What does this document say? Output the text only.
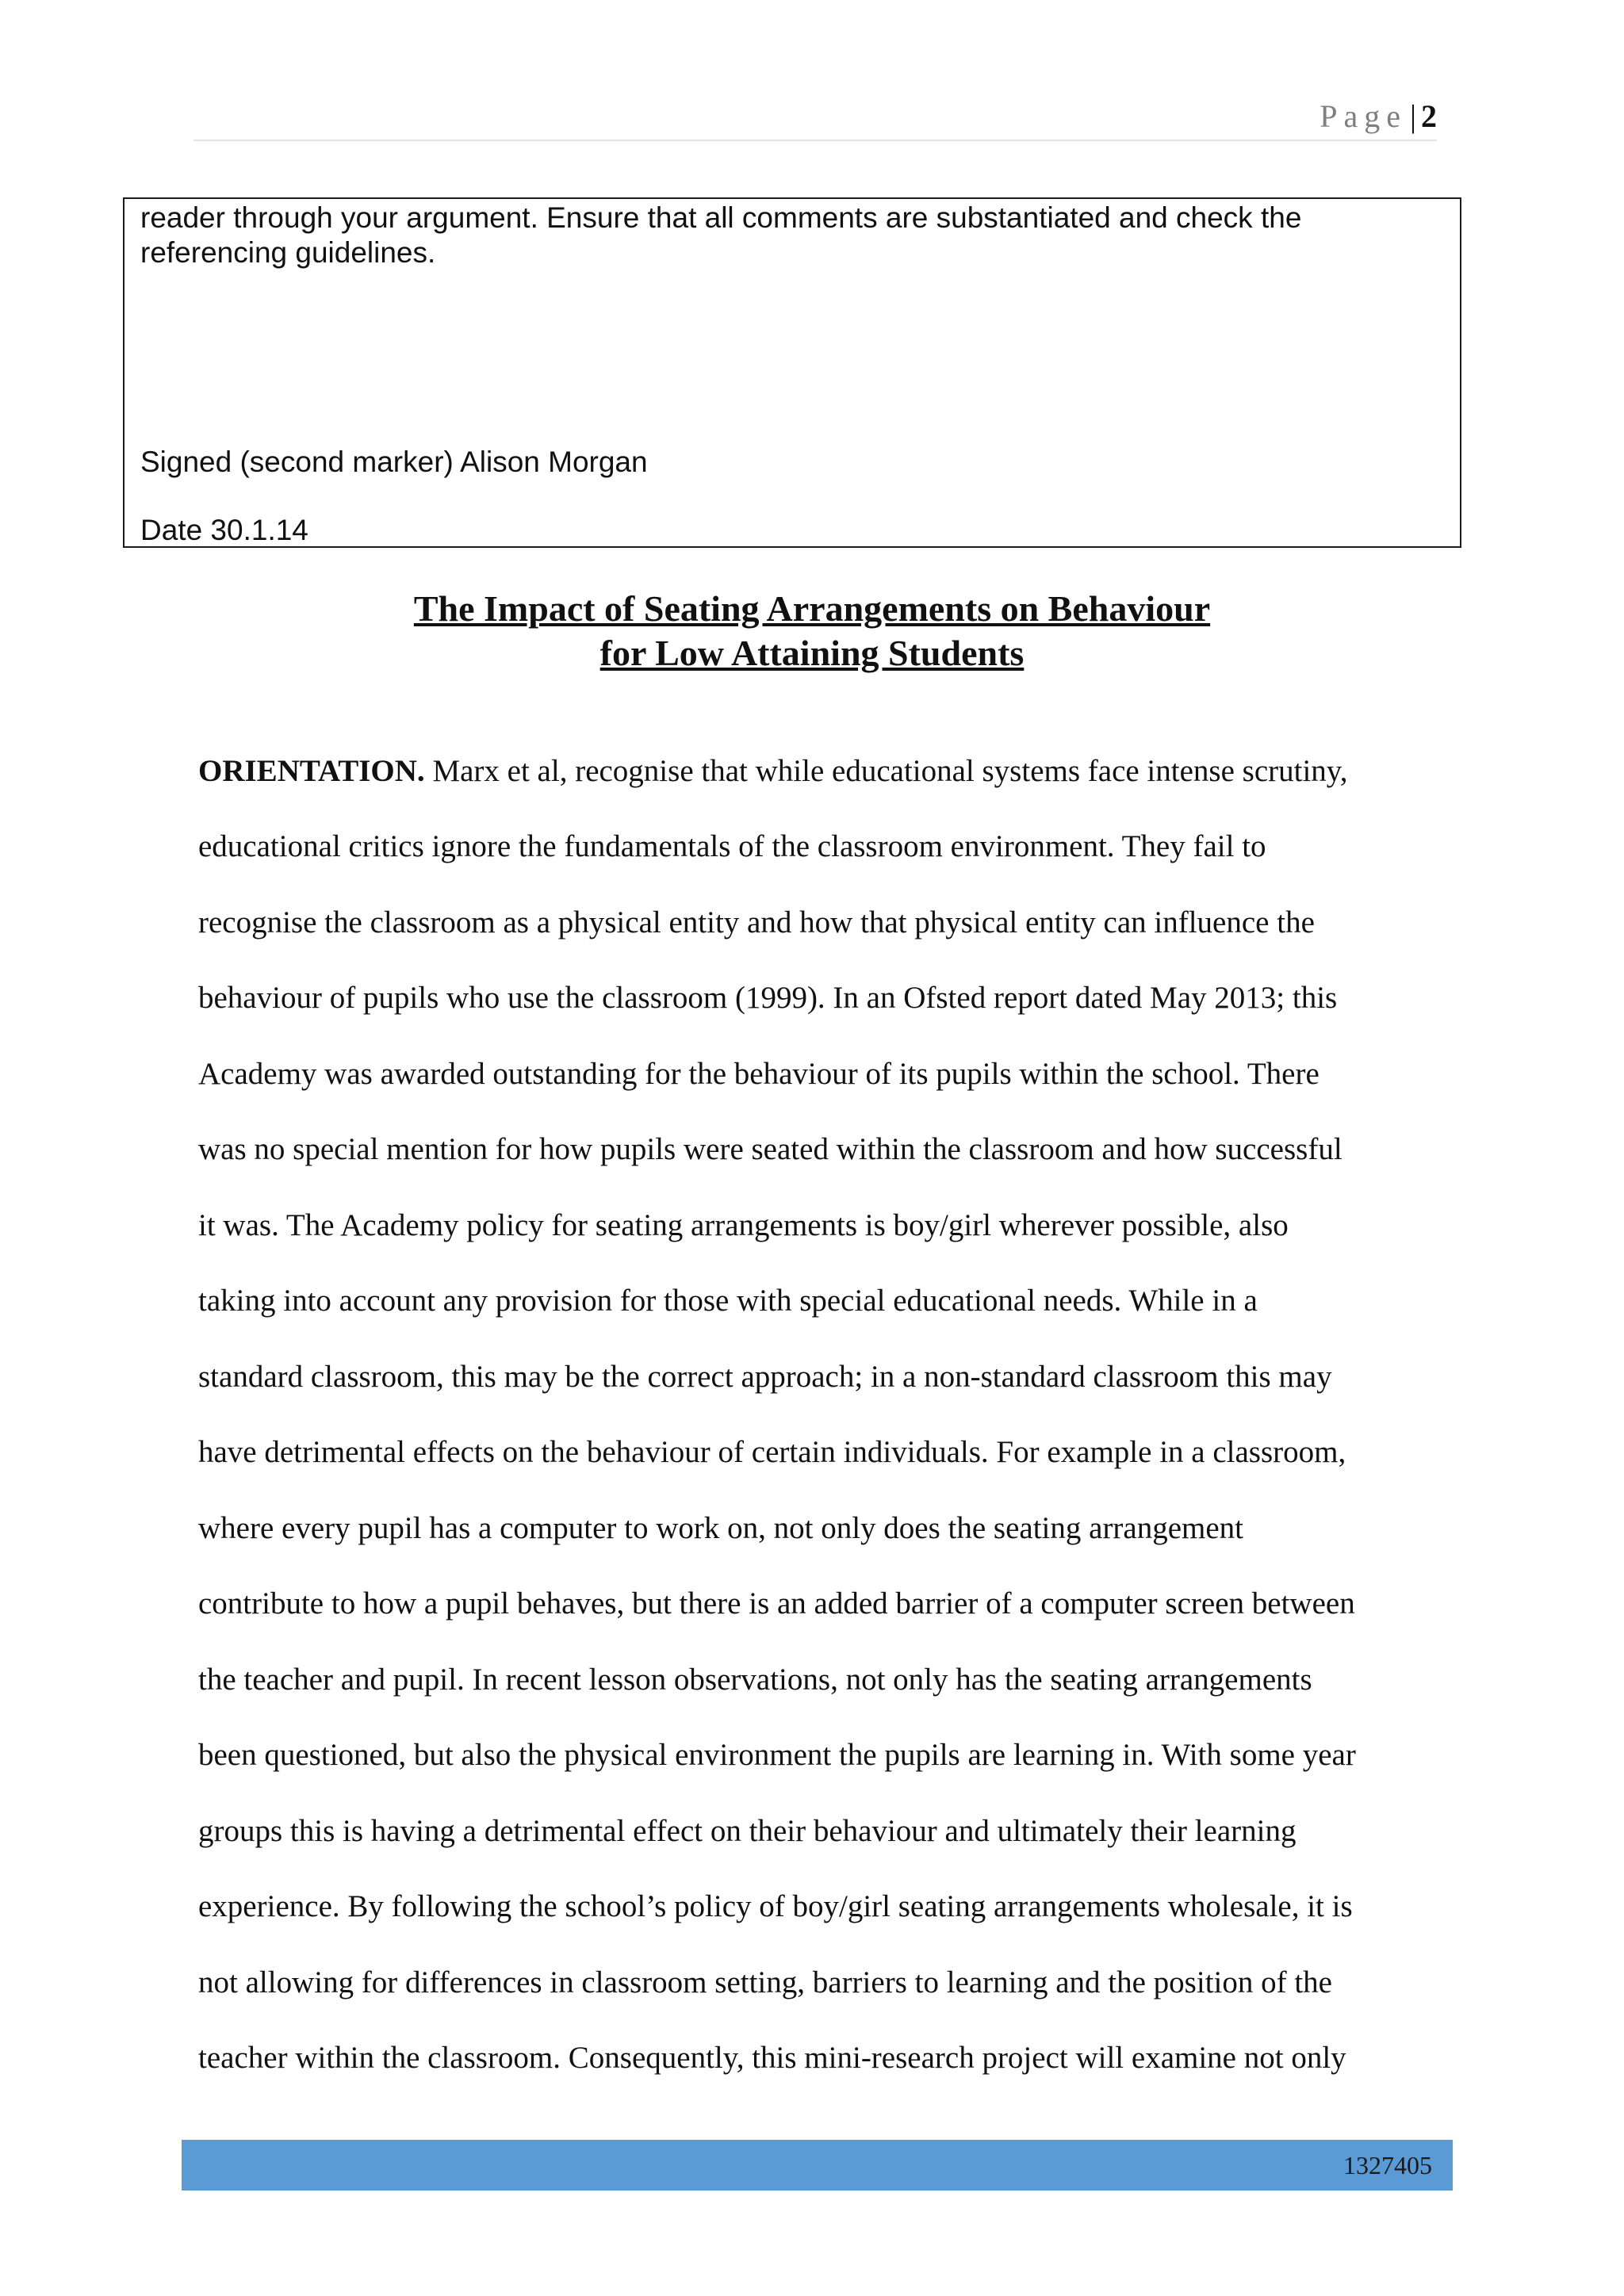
Page | 2
reader through your argument. Ensure that all comments are substantiated and check the referencing guidelines.
Signed (second marker) Alison Morgan
Date 30.1.14
The Impact of Seating Arrangements on Behaviour
for Low Attaining Students
ORIENTATION. Marx et al, recognise that while educational systems face intense scrutiny,
educational critics ignore the fundamentals of the classroom environment. They fail to
recognise the classroom as a physical entity and how that physical entity can influence the
behaviour of pupils who use the classroom (1999). In an Ofsted report dated May 2013; this
Academy was awarded outstanding for the behaviour of its pupils within the school. There
was no special mention for how pupils were seated within the classroom and how successful
it was. The Academy policy for seating arrangements is boy/girl wherever possible, also
taking into account any provision for those with special educational needs. While in a
standard classroom, this may be the correct approach; in a non-standard classroom this may
have detrimental effects on the behaviour of certain individuals. For example in a classroom,
where every pupil has a computer to work on, not only does the seating arrangement
contribute to how a pupil behaves, but there is an added barrier of a computer screen between
the teacher and pupil. In recent lesson observations, not only has the seating arrangements
been questioned, but also the physical environment the pupils are learning in. With some year
groups this is having a detrimental effect on their behaviour and ultimately their learning
experience. By following the school’s policy of boy/girl seating arrangements wholesale, it is
not allowing for differences in classroom setting, barriers to learning and the position of the
teacher within the classroom. Consequently, this mini-research project will examine not only
1327405
